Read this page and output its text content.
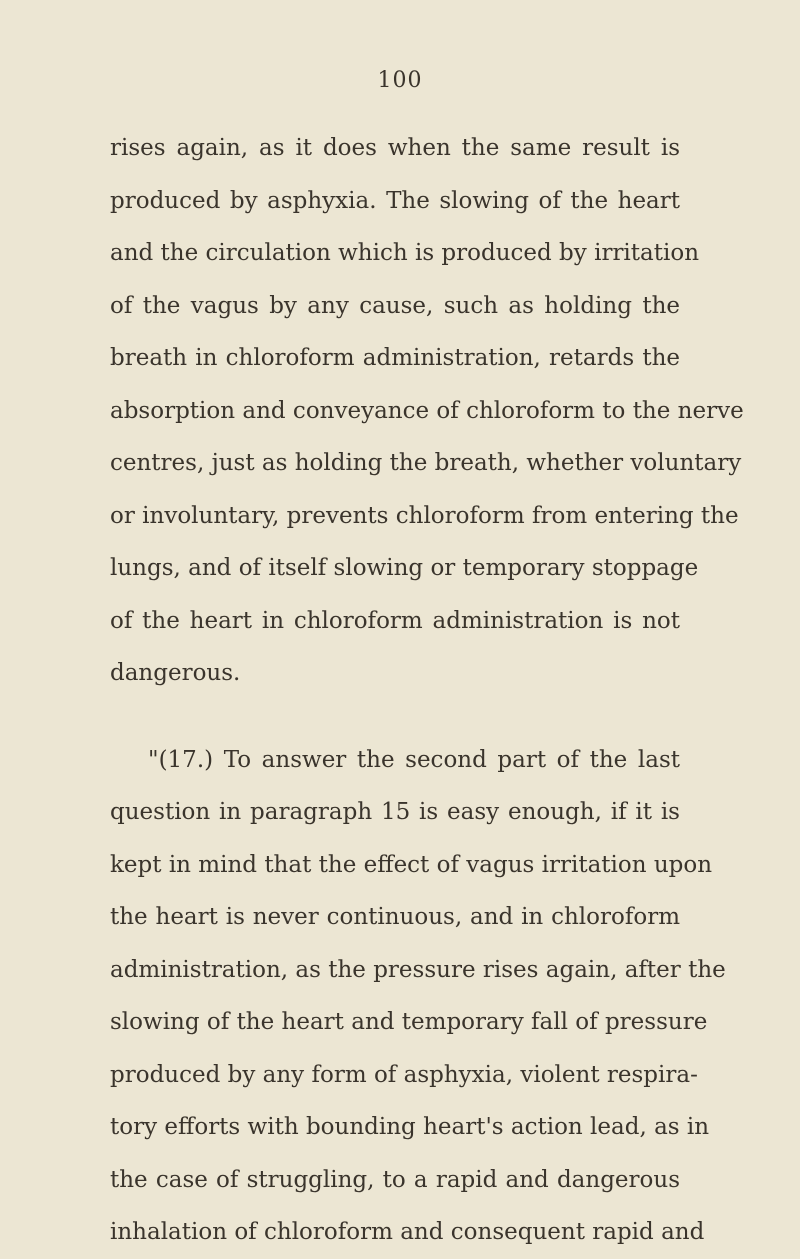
100
rises again, as it does when the same result is
produced by asphyxia. The slowing of the heart
and the circulation which is produced by irritation
of the vagus by any cause, such as holding the
breath in chloroform administration, retards the
absorption and conveyance of chloroform to the nerve
centres, just as holding the breath, whether voluntary
or involuntary, prevents chloroform from entering the
lungs, and of itself slowing or temporary stoppage
of the heart in chloroform administration is not
dangerous.
"(17.) To answer the second part of the last
question in paragraph 15 is easy enough, if it is
kept in mind that the effect of vagus irritation upon
the heart is never continuous, and in chloroform
administration, as the pressure rises again, after the
slowing of the heart and temporary fall of pressure
produced by any form of asphyxia, violent respira-
tory efforts with bounding heart's action lead, as in
the case of struggling, to a rapid and dangerous
inhalation of chloroform and consequent rapid and
